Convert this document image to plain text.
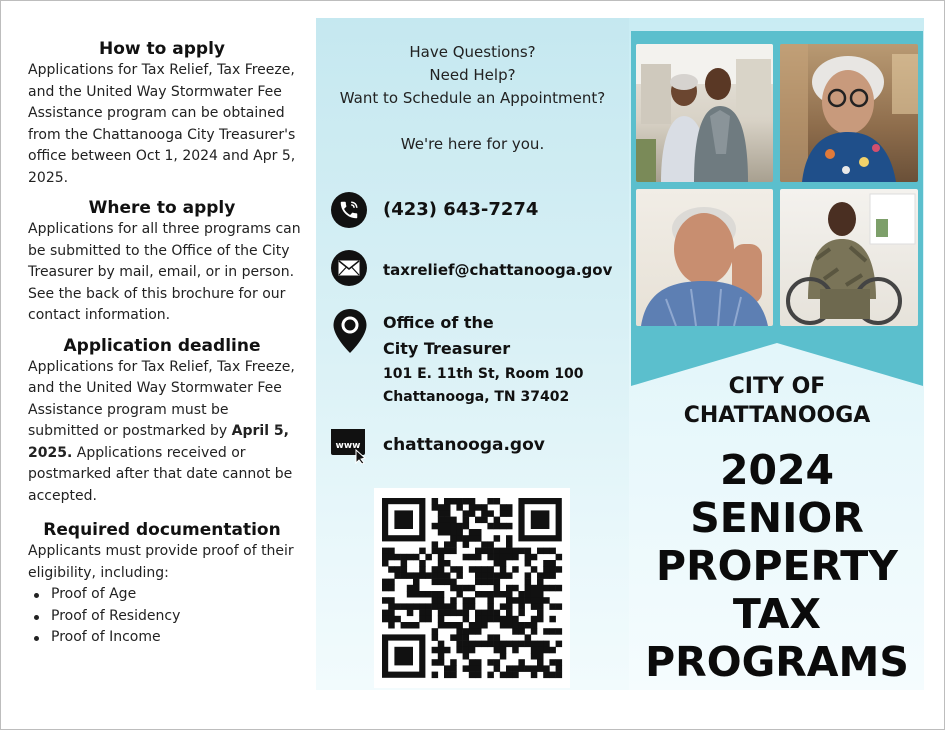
How to apply
Applications for Tax Relief, Tax Freeze, and the United Way Stormwater Fee Assistance program can be obtained from the Chattanooga City Treasurer's office between Oct 1, 2024 and Apr 5, 2025.
Where to apply
Applications for all three programs can be submitted to the Office of the City Treasurer by mail, email, or in person. See the back of this brochure for our contact information.
Application deadline
Applications for Tax Relief, Tax Freeze, and the United Way Stormwater Fee Assistance program must be submitted or postmarked by April 5, 2025. Applications received or postmarked after that date cannot be accepted.
Required documentation
Applicants must provide proof of their eligibility, including:
Proof of Age
Proof of Residency
Proof of Income
Have Questions?
Need Help?
Want to Schedule an Appointment?
We're here for you.
(423) 643-7274
taxrelief@chattanooga.gov
Office of the
City Treasurer
101 E. 11th St, Room 100
Chattanooga, TN 37402
www chattanooga.gov
CITY OF
CHATTANOOGA
2024
SENIOR
PROPERTY
TAX
PROGRAMS
